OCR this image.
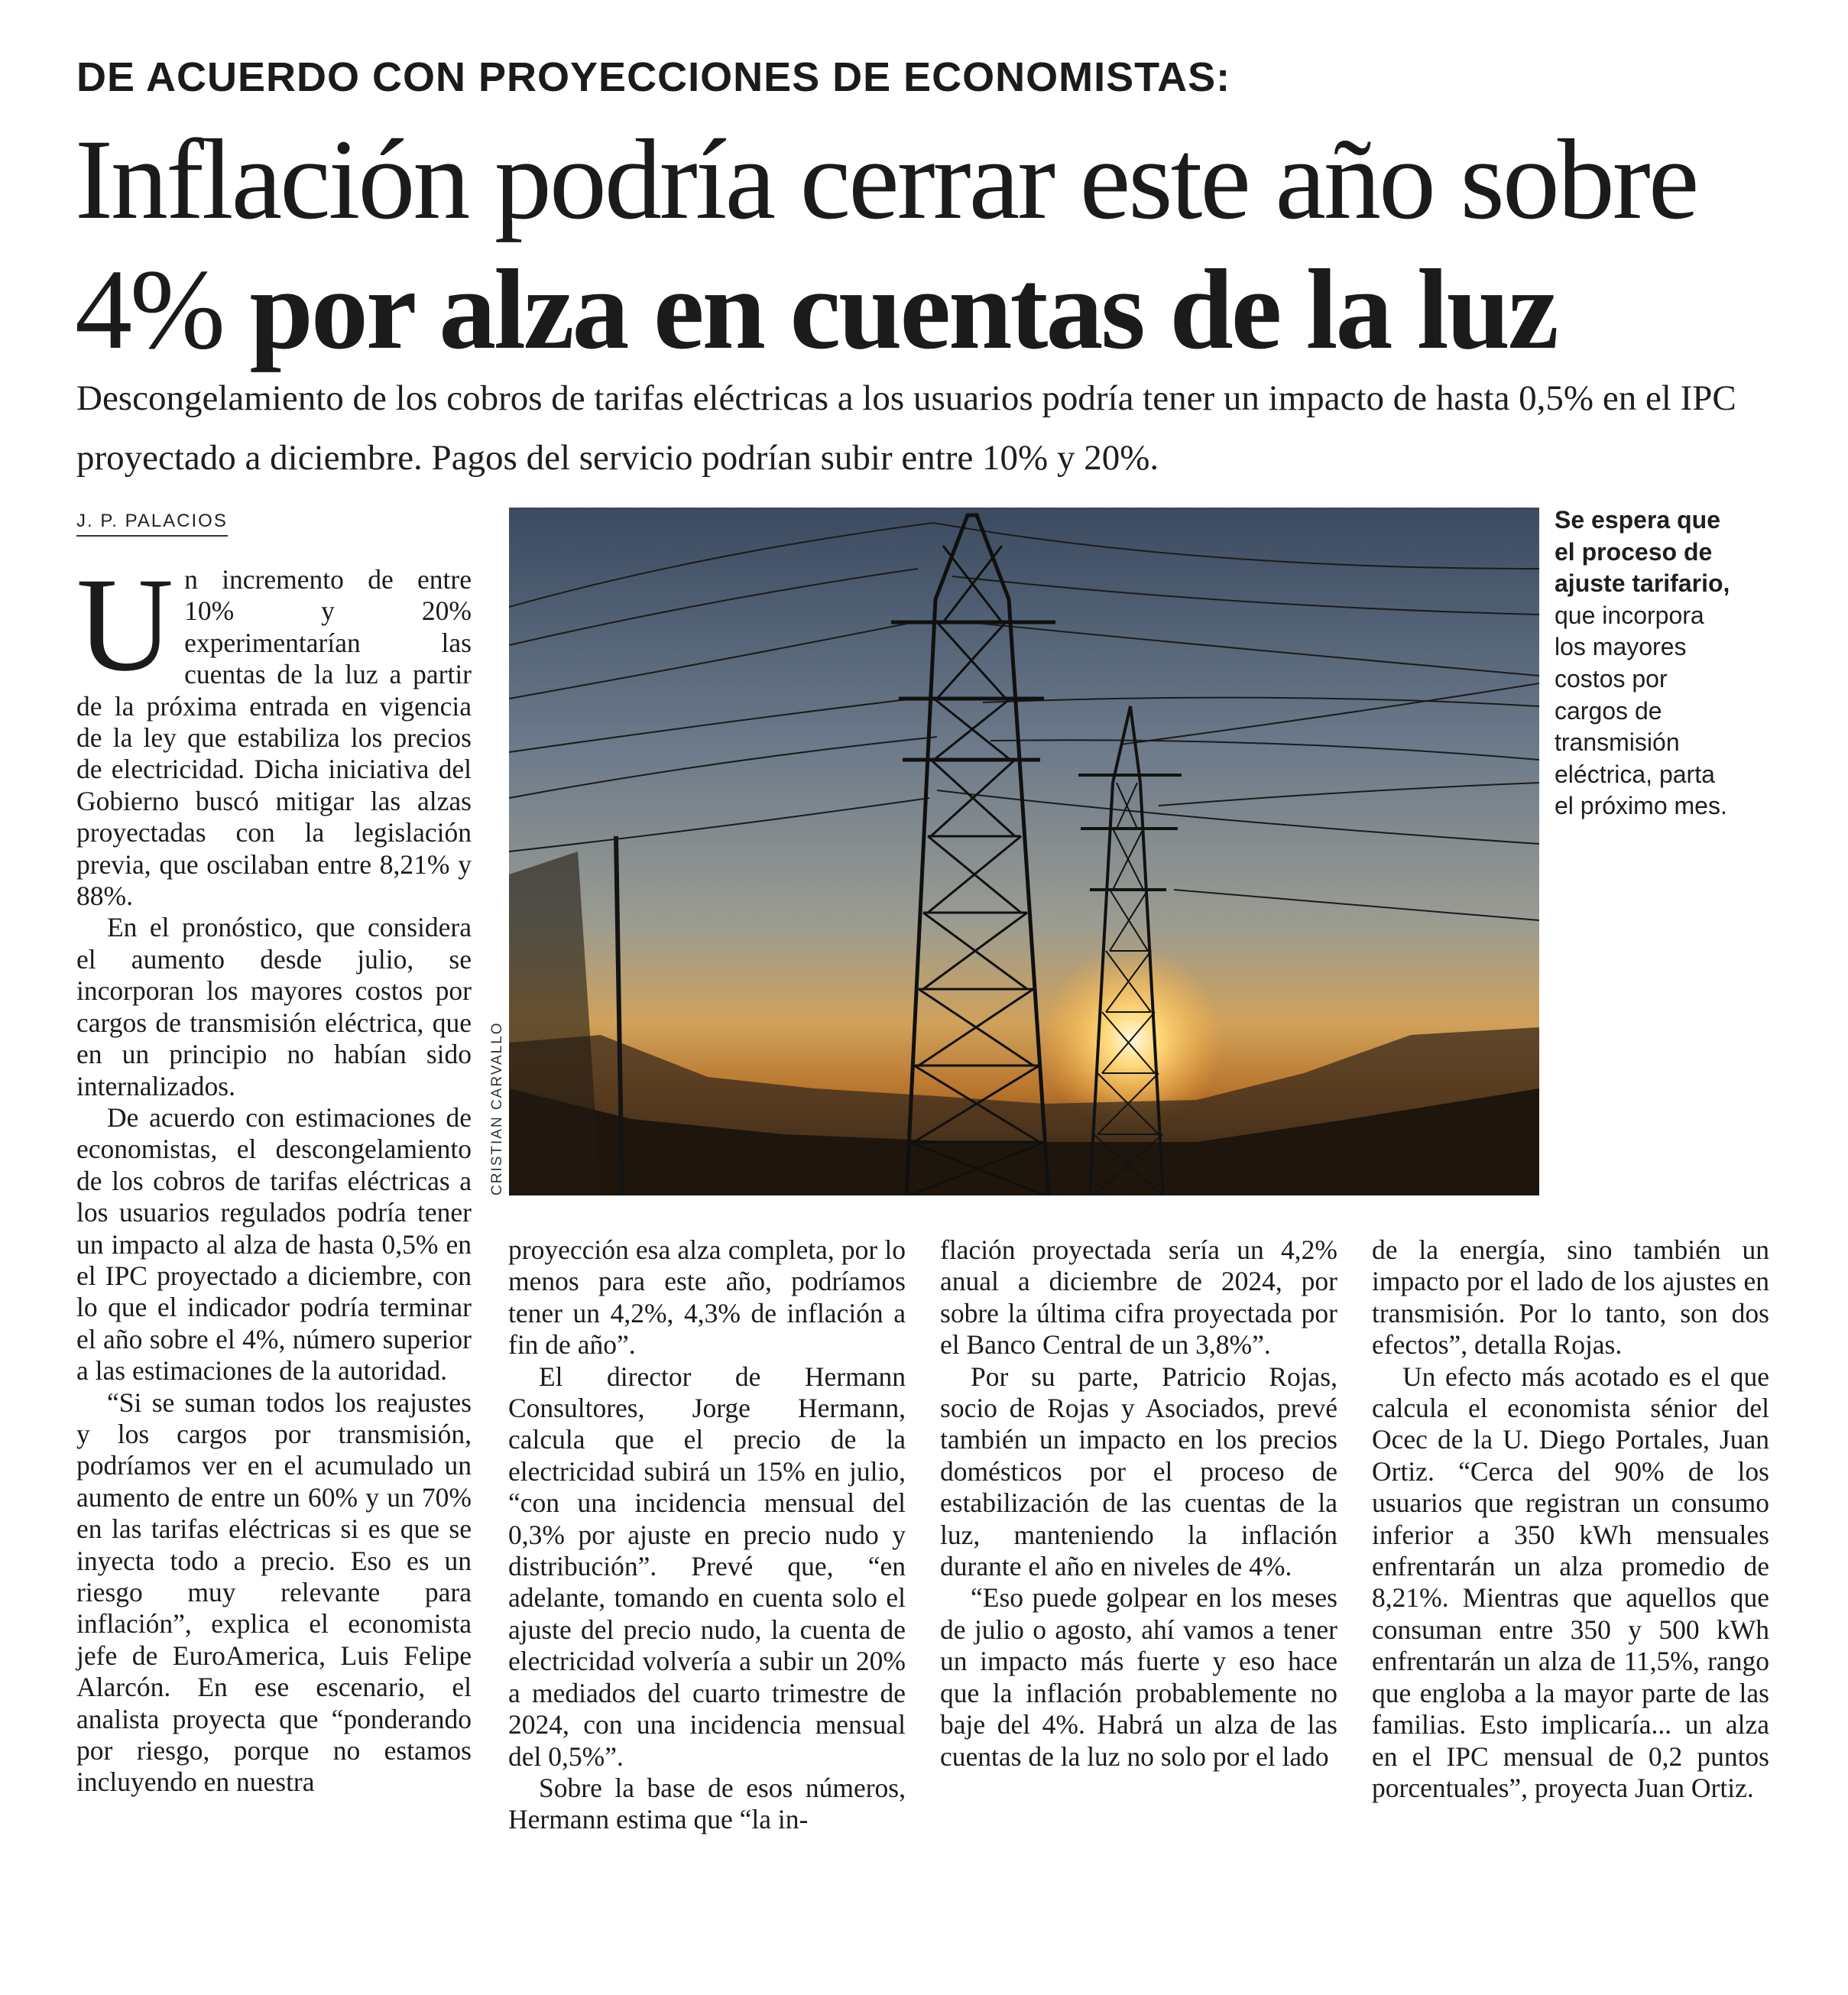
DE ACUERDO CON PROYECCIONES DE ECONOMISTAS:
Inflación podría cerrar este año sobre
4% por alza en cuentas de la luz
Descongelamiento de los cobros de tarifas eléctricas a los usuarios podría tener un impacto de hasta 0,5% en el IPC proyectado a diciembre. Pagos del servicio podrían subir entre 10% y 20%.
J. P. PALACIOS

Un incremento de entre 10% y 20% experimentarían las cuentas de la luz a partir de la próxima entrada en vigencia de la ley que estabiliza los precios de electricidad. Dicha iniciativa del Gobierno buscó mitigar las alzas proyectadas con la legislación previa, que oscilaban entre 8,21% y 88%.

En el pronóstico, que considera el aumento desde julio, se incorporan los mayores costos por cargos de transmisión eléctrica, que en un principio no habían sido internalizados.

De acuerdo con estimaciones de economistas, el descongelamiento de los cobros de tarifas eléctricas a los usuarios regulados podría tener un impacto al alza de hasta 0,5% en el IPC proyectado a diciembre, con lo que el indicador podría terminar el año sobre el 4%, número superior a las estimaciones de la autoridad.

“Si se suman todos los reajustes y los cargos por transmisión, podríamos ver en el acumulado un aumento de entre un 60% y un 70% en las tarifas eléctricas si es que se inyecta todo a precio. Eso es un riesgo muy relevante para inflación”, explica el economista jefe de EuroAmerica, Luis Felipe Alarcón. En ese escenario, el analista proyecta que “ponderando por riesgo, porque no estamos incluyendo en nuestra

CRISTIAN CARVALLO
Se espera que el proceso de ajuste tarifario, que incorpora los mayores costos por cargos de transmisión eléctrica, parta el próximo mes.

proyección esa alza completa, por lo menos para este año, podríamos tener un 4,2%, 4,3% de inflación a fin de año”.

El director de Hermann Consultores, Jorge Hermann, calcula que el precio de la electricidad subirá un 15% en julio, “con una incidencia mensual del 0,3% por ajuste en precio nudo y distribución”. Prevé que, “en adelante, tomando en cuenta solo el ajuste del precio nudo, la cuenta de electricidad volvería a subir un 20% a mediados del cuarto trimestre de 2024, con una incidencia mensual del 0,5%”.

Sobre la base de esos números, Hermann estima que “la in-

flación proyectada sería un 4,2% anual a diciembre de 2024, por sobre la última cifra proyectada por el Banco Central de un 3,8%”.

Por su parte, Patricio Rojas, socio de Rojas y Asociados, prevé también un impacto en los precios domésticos por el proceso de estabilización de las cuentas de la luz, manteniendo la inflación durante el año en niveles de 4%.

“Eso puede golpear en los meses de julio o agosto, ahí vamos a tener un impacto más fuerte y eso hace que la inflación probablemente no baje del 4%. Habrá un alza de las cuentas de la luz no solo por el lado

de la energía, sino también un impacto por el lado de los ajustes en transmisión. Por lo tanto, son dos efectos”, detalla Rojas.

Un efecto más acotado es el que calcula el economista sénior del Ocec de la U. Diego Portales, Juan Ortiz. “Cerca del 90% de los usuarios que registran un consumo inferior a 350 kWh mensuales enfrentarán un alza promedio de 8,21%. Mientras que aquellos que consuman entre 350 y 500 kWh enfrentarán un alza de 11,5%, rango que engloba a la mayor parte de las familias. Esto implicaría... un alza en el IPC mensual de 0,2 puntos porcentuales”, proyecta Juan Ortiz.
